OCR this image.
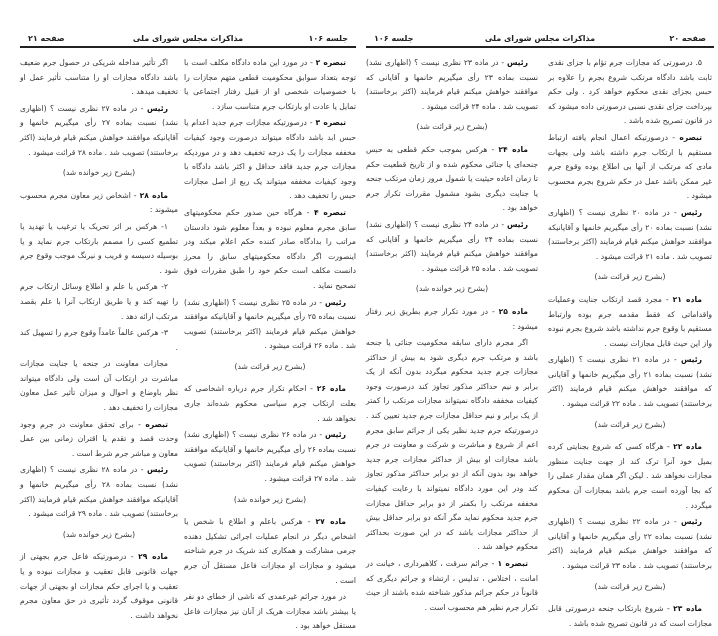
صفحه ۲۰
مذاکرات مجلس شورای ملی
جلسه ۱۰۶
جلسه ۱۰۶
مذاکرات مجلس شورای ملی
صفحه ۲۱

۵. درصورتی که مجازات جرم تؤام با جزای نقدی ثابت باشد دادگاه مرتکب شروع بجرم را علاوه بر حبس بجزای نقدی محکوم خواهد کرد . ولی حکم بپرداخت جزای نقدی نسبی درصورتی داده میشود که در قانون تصریح شده باشد .

تبصره - درصورتیکه اعمال انجام یافته ارتباط مستقیم با ارتکاب جرم داشته باشد ولی بجهات مادی که مرتکب از آنها بی اطلاع بوده وقوع جرم غیر ممکن باشد عمل در حکم شروع بجرم محسوب میشود .

رئیس - در ماده ۲۰ نظری نیست ؟ (اظهاری نشد) نسبت بماده ۲۰ رأی میگیریم خانمها و آقایانیکه موافقند خواهش میکنم قیام فرمایند (اکثر برخاستند) تصویب شد . ماده ۲۱ قرائت میشود .

(بشرح زیر قرائت شد)

ماده ۲۱ - مجرد قصد ارتکاب جنایت وعملیات واقداماتی که فقط مقدمه جرم بوده وارتباط مستقیم با وقوع جرم نداشته باشد شروع بجرم نبوده واز این حیث قابل مجازات نیست .

رئیس - در ماده ۲۱ نظری نیست ؟ (اظهاری نشد) نسبت بماده ۲۱ رأی میگیریم خانمها و آقایانی که موافقند خواهش میکنم قیام فرمایند (اکثر برخاستند) تصویب شد . ماده ۲۲ قرائت میشود .

(بشرح زیر قرائت شد)

ماده ۲۲ - هرگاه کسی که شروع بجنایتی کرده بمیل خود آنرا ترک کند از جهت جنایت منظور مجازات نخواهد شد . لیکن اگر همان مقدار عملی را که بجا آورده است جرم باشد بمجازات آن محکوم میگردد .

رئیس - در ماده ۲۲ نظری نیست ؟ (اظهاری نشد) نسبت بماده ۲۲ رأی میگیریم خانمها و آقایانی که موافقند خواهش میکنم قیام فرمایند (اکثر برخاستند) تصویب شد . ماده ۲۳ قرائت میشود .

(بشرح زیر قرائت شد)

ماده ۲۳ - شروع بارتکاب جنحه درصورتی قابل مجازات است که در قانون تصریح شده باشد .

رئیس - در ماده ۲۳ نظری نیست ؟ (اظهاری نشد) نسبت بماده ۲۳ رأی میگیریم خانمها و آقایانی که موافقند خواهش میکنم قیام فرمایند (اکثر برخاستند) تصویب شد . ماده ۲۴ قرائت میشود .

(بشرح زیر قرائت شد)

ماده ۲۴ - هرکس بموجب حکم قطعی به حبس جنحه‌ای یا جنائی محکوم شده و از تاریخ قطعیت حکم تا زمان اعاده حیثیت یا شمول مرور زمان مرتکب جنحه یا جنایت دیگری بشود مشمول مقررات تکرار جرم خواهد بود .

رئیس - در ماده ۲۴ نظری نیست ؟ (اظهاری نشد) نسبت بماده ۲۴ رأی میگیریم خانمها و آقایانی که موافقند خواهش میکنم قیام فرمایند (اکثر برخاستند) تصویب شد . ماده ۲۵ قرائت میشود .

(بشرح زیر خوانده شد)

ماده ۲۵ - در مورد تکرار جرم بطریق زیر رفتار میشود :

اگر مجرم دارای سابقه محکومیت جنائی یا جنحه باشد و مرتکب جرم دیگری شود به بیش از حداکثر مجازات جرم جدید محکوم میگردد بدون آنکه از یک برابر و نیم حداکثر مذکور تجاوز کند درصورت وجود کیفیات مخففه دادگاه نمیتواند مجازات مرتکب را کمتر از یک برابر و نیم حداقل مجازات جرم جدید تعیین کند . درصورتیکه جرم جدید نظیر یکی از جرائم سابق مجرم اعم از شروع و مباشرت و شرکت و معاونت در جرم باشد مجازات او بیش از حداکثر مجازات جرم جدید خواهد بود بدون آنکه از دو برابر حداکثر مذکور تجاوز کند ودر این مورد دادگاه نمیتواند با رعایت کیفیات مخففه مرتکب را بکمتر از دو برابر حداقل مجازات جرم جدید محکوم نماید مگر آنکه دو برابر حداقل بیش از حداکثر مجازات باشد که در این صورت بحداکثر محکوم خواهد شد .

تبصره ۱ - جرائم سرقت ، کلاهبرداری ، خیانت در امانت ، اختلاس ، تدلیس ، ارتشاء و جرائم دیگری که قانوناً در حکم جرائم مذکور شناخته شده باشند از حیث تکرار جرم نظیر هم محسوب است .

تبصره ۲ - در مورد این ماده دادگاه مکلف است با توجه بتعداد سوابق محکومیت قطعی متهم مجازات را با خصوصیات شخصی او از قبیل رفتار اجتماعی یا تمایل یا عادت او بارتکاب جرم متناسب سازد .

تبصره ۳ - درصورتیکه مجازات جرم جدید اعدام یا حبس ابد باشد دادگاه میتواند درصورت وجود کیفیات مخففه مجازات را یک درجه تخفیف دهد و در موردیکه مجازات جرم جدید فاقد حداقل و اکثر باشد دادگاه با وجود کیفیات مخففه میتواند یک ربع از اصل مجازات حبس را تخفیف دهد .

تبصره ۴ - هرگاه حین صدور حکم محکومیتهای سابق مجرم معلوم نبوده و بعداً معلوم شود دادستان مراتب را بدادگاه صادر کننده حکم اعلام میکند ودر اینصورت اگر دادگاه محکومیتهای سابق را محرز دانست مکلف است حکم خود را طبق مقررات فوق تصحیح نماید .

رئیس - در ماده ۲۵ نظری نیست ؟ (اظهاری نشد) نسبت بماده ۲۵ رأی میگیریم خانمها و آقایانیکه موافقند خواهش میکنم قیام فرمایند (اکثر برخاستند) تصویب شد . ماده ۲۶ قرائت میشود .

(بشرح زیر قرائت شد)

ماده ۲۶ - احکام تکرار جرم درباره اشخاصی که بعلت ارتکاب جرم سیاسی محکوم شده‌اند جاری نخواهد شد .

رئیس - در ماده ۲۶ نظری نیست ؟ (اظهاری نشد) نسبت بماده ۲۶ رأی میگیریم خانمها و آقایانیکه موافقند خواهش میکنم قیام فرمایند (اکثر برخاستند) تصویب شد . ماده ۲۷ قرائت میشود .

(بشرح زیر خوانده شد)

ماده ۲۷ - هرکس باعلم و اطلاع با شخص یا اشخاص دیگر در انجام عملیات اجرائی تشکیل دهنده جرمی مشارکت و همکاری کند شریک در جرم شناخته میشود و مجازات او مجازات فاعل مستقل آن جرم است .

در مورد جرائم غیرعمدی که ناشی از خطای دو نفر یا بیشتر باشد مجازات هریک از آنان نیز مجازات فاعل مستقل خواهد بود .

اگر تأثیر مداخله شریکی در حصول جرم ضعیف باشد دادگاه مجازات او را متناسب تأثیر عمل او تخفیف میدهد .

رئیس - در ماده ۲۷ نظری نیست ؟ (اظهاری نشد) نسبت بماده ۲۷ رأی میگیریم خانمها و آقایانیکه موافقند خواهش میکنم قیام فرمایند (اکثر برخاستند) تصویب شد . ماده ۲۸ قرائت میشود .

(بشرح زیر خوانده شد)

ماده ۲۸ - اشخاص زیر معاون مجرم محسوب میشوند :

۱- هرکس بر اثر تحریک یا ترغیب یا تهدید یا تطمیع کسی را مصمم بارتکاب جرم نماید و یا بوسیله دسیسه و فریب و نیرنگ موجب وقوع جرم شود .

۲- هرکس با علم و اطلاع وسائل ارتکاب جرم را تهیه کند و یا طریق ارتکاب آنرا با علم بقصد مرتکب ارائه دهد .

۳- هرکس عالماً عامداً وقوع جرم را تسهیل کند .

مجازات معاونت در جنحه یا جنایت مجازات مباشرت در ارتکاب آن است ولی دادگاه میتواند نظر باوضاع و احوال و میزان تأثیر عمل معاون مجازات را تخفیف دهد .

تبصره - برای تحقق معاونت در جرم وجود وحدت قصد و تقدم یا اقتران زمانی بین عمل معاون و مباشر جرم شرط است .

رئیس - در ماده ۲۸ نظری نیست ؟ (اظهاری نشد) نسبت بماده ۲۸ رأی میگیریم خانمها و آقایانیکه موافقند خواهش میکنم قیام فرمایند (اکثر برخاستند) تصویب شد . ماده ۲۹ قرائت میشود .

(بشرح زیر خوانده شد)

ماده ۲۹ - درصورتیکه فاعل جرم بجهتی از جهات قانونی قابل تعقیب و مجازات نبوده و یا تعقیب و یا اجرای حکم مجازات او بجهتی از جهات قانونی موقوف گردد تأثیری در حق معاون مجرم نخواهد داشت .
